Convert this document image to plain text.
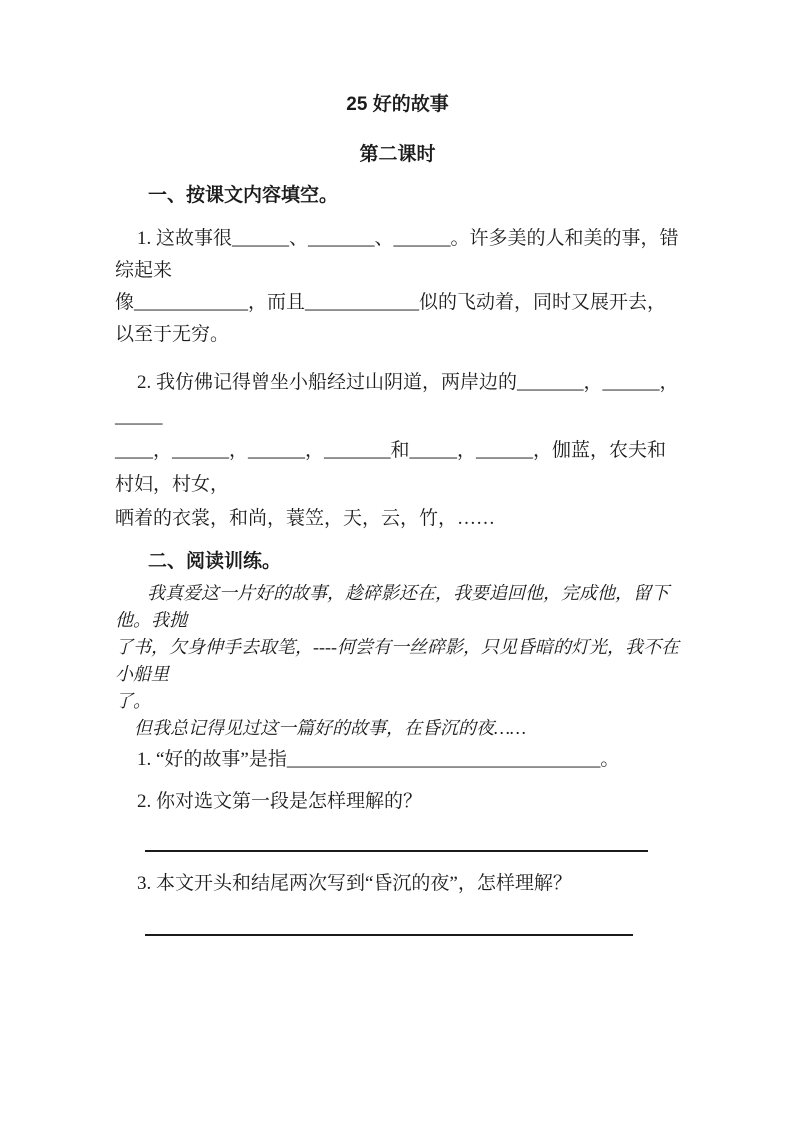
25 好的故事
第二课时
一、按课文内容填空。
1. 这故事很______、_______、______。许多美的人和美的事，错综起来
像____________，而且____________似的飞动着，同时又展开去，以至于无穷。
2. 我仿佛记得曾坐小船经过山阴道，两岸边的_______，______，_____
____，______，______，_______和_____，______，伽蓝，农夫和村妇，村女，
晒着的衣裳，和尚，蓑笠，天，云，竹，……
二、阅读训练。
我真爱这一片好的故事，趁碎影还在，我要追回他，完成他，留下他。我抛
了书，欠身伸手去取笔，----何尝有一丝碎影，只见昏暗的灯光，我不在小船里
了。
但我总记得见过这一篇好的故事，在昏沉的夜……
1. “好的故事”是指_________________________________。
2. 你对选文第一段是怎样理解的？
3. 本文开头和结尾两次写到“昏沉的夜”，怎样理解？
